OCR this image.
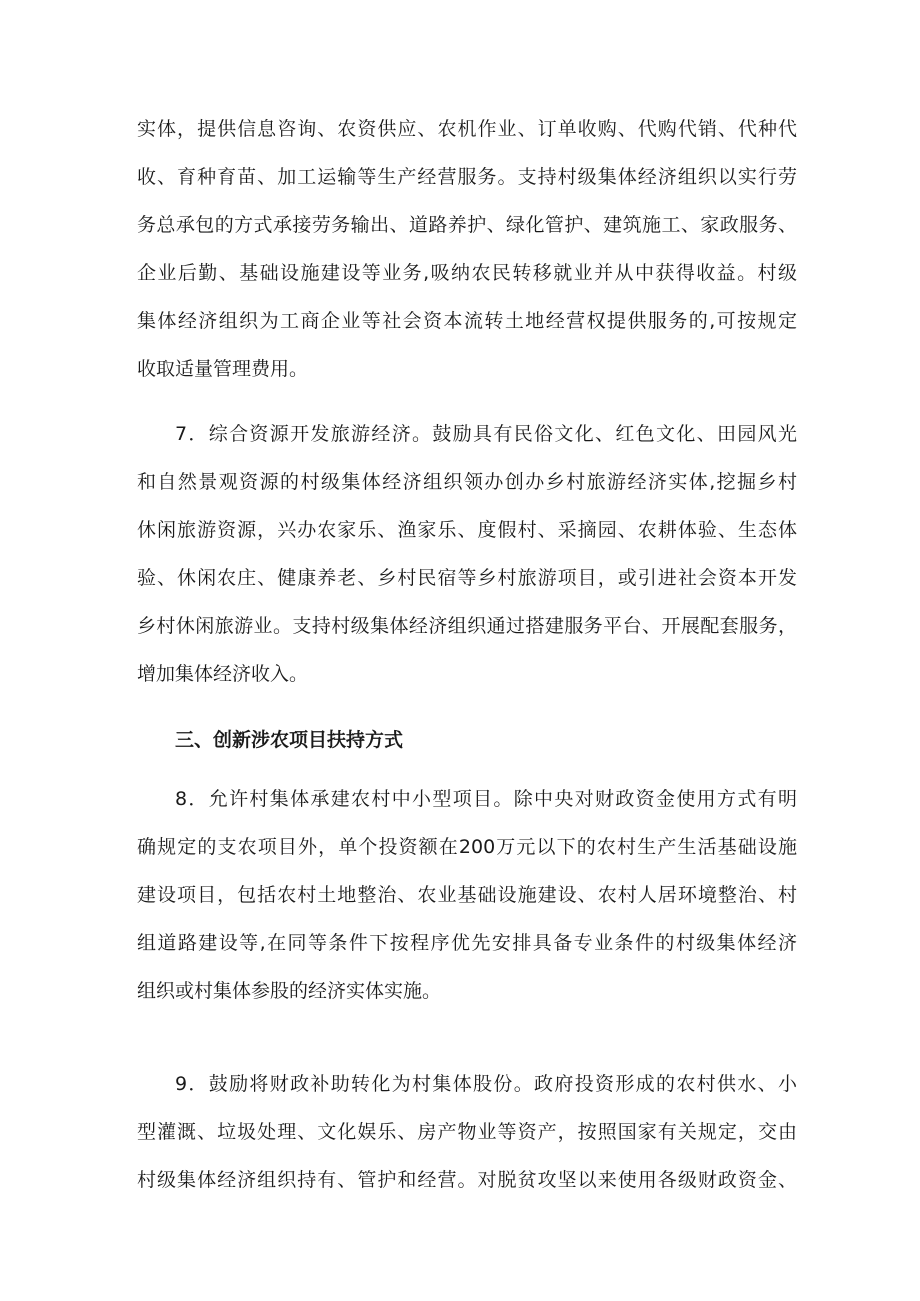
实体，提供信息咨询、农资供应、农机作业、订单收购、代购代销、代种代
收、育种育苗、加工运输等生产经营服务。支持村级集体经济组织以实行劳
务总承包的方式承接劳务输出、道路养护、绿化管护、建筑施工、家政服务、
企业后勤、基础设施建设等业务,吸纳农民转移就业并从中获得收益。村级
集体经济组织为工商企业等社会资本流转土地经营权提供服务的,可按规定
收取适量管理费用。
7．综合资源开发旅游经济。鼓励具有民俗文化、红色文化、田园风光
和自然景观资源的村级集体经济组织领办创办乡村旅游经济实体,挖掘乡村
休闲旅游资源，兴办农家乐、渔家乐、度假村、采摘园、农耕体验、生态体
验、休闲农庄、健康养老、乡村民宿等乡村旅游项目，或引进社会资本开发
乡村休闲旅游业。支持村级集体经济组织通过搭建服务平台、开展配套服务，
增加集体经济收入。
三、创新涉农项目扶持方式
8．允许村集体承建农村中小型项目。除中央对财政资金使用方式有明
确规定的支农项目外，单个投资额在200万元以下的农村生产生活基础设施
建设项目，包括农村土地整治、农业基础设施建设、农村人居环境整治、村
组道路建设等,在同等条件下按程序优先安排具备专业条件的村级集体经济
组织或村集体参股的经济实体实施。
9．鼓励将财政补助转化为村集体股份。政府投资形成的农村供水、小
型灌溉、垃圾处理、文化娱乐、房产物业等资产，按照国家有关规定，交由
村级集体经济组织持有、管护和经营。对脱贫攻坚以来使用各级财政资金、
